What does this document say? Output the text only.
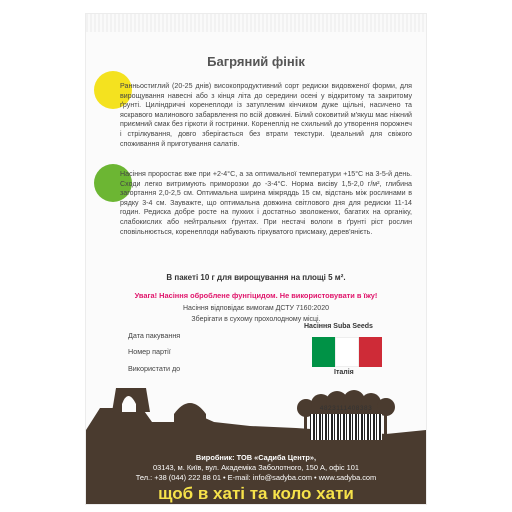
Багряний фінік

Ранньостиглий (20-25 днів) високопродуктивний сорт редиски видовженої форми, для вирощування навесні або з кінця літа до середини осені у відкритому та закритому ґрунті. Циліндричні коренеплоди із затупленим кінчиком дуже щільні, насичено та яскравого малинового забарвлення по всій довжині. Білий соковитий м'якуш має ніжний приємний смак без гіркоти й гостринки. Коренеплід не схильний до утворення порожнеч і стрілкування, довго зберігається без втрати текстури. Ідеальний для свіжого споживання й приготування салатів.

Насіння проростає вже при +2-4°С, а за оптимальної температури +15°С на 3-5-й день. Сходи легко витримують приморозки до -3-4°С. Норма висіву 1,5-2,0 г/м², глибина загортання 2,0-2,5 см. Оптимальна ширина міжряддь 15 см, відстань між рослинами в рядку 3-4 см. Зауважте, що оптимальна довжина світлового дня для редиски 11-14 годин. Редиска добре росте на пухких і достатньо зволожених, багатих на органіку, слабокислих або нейтральних ґрунтах. При нестачі вологи в ґрунті ріст рослин сповільнюється, коренеплоди набувають гіркуватого присмаку, дерев'янієть.

В пакеті 10 г для вирощування на площі 5 м².
Увага! Насіння оброблене фунгіцидом. Не використовувати в їжу!
Насіння відповідає вимогам ДСТУ 7160:2020
Зберігати в сухому прохолодному місці.
Дата пакування
Номер партії
Використати до
Насіння Suba Seeds
Італія
4823111408383
Виробник: ТОВ «Садиба Центр»,
03143, м. Київ, вул. Академіка Заболотного, 150 А, офіс 101
Тел.: +38 (044) 222 88 01 • E-mail: info@sadyba.com • www.sadyba.com
щоб в хаті та коло хати
